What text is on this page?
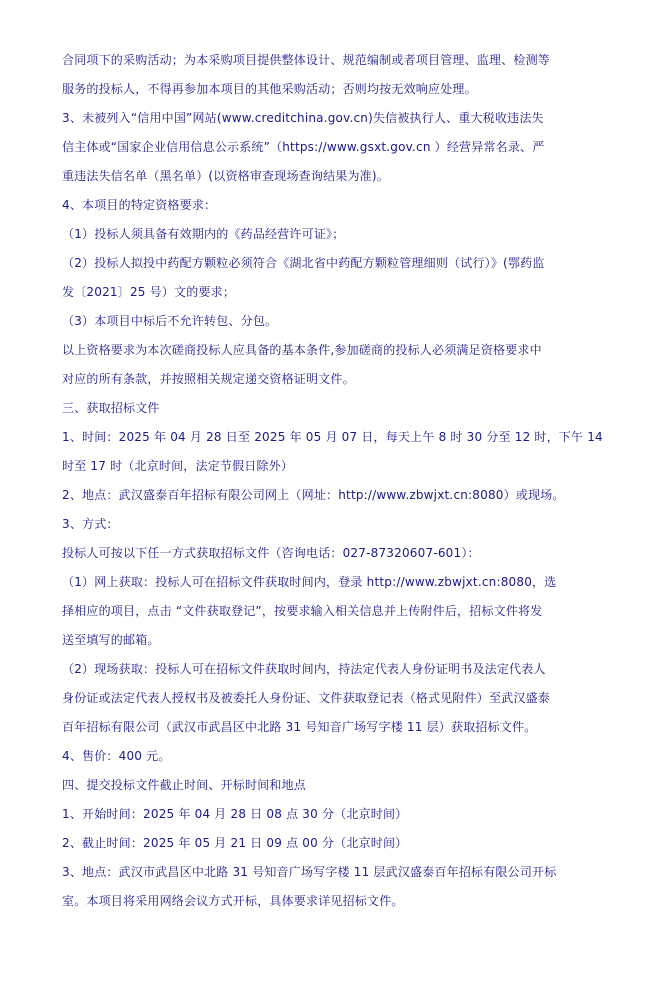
合同项下的采购活动；为本采购项目提供整体设计、规范编制或者项目管理、监理、检测等
服务的投标人，不得再参加本项目的其他采购活动；否则均按无效响应处理。
3、未被列入“信用中国”网站(www.creditchina.gov.cn)失信被执行人、重大税收违法失
信主体或“国家企业信用信息公示系统”（https://www.gsxt.gov.cn ）经营异常名录、严
重违法失信名单（黑名单）(以资格审查现场查询结果为准)。
4、本项目的特定资格要求：
（1）投标人须具备有效期内的《药品经营许可证》；
（2）投标人拟投中药配方颗粒必须符合《湖北省中药配方颗粒管理细则（试行）》(鄂药监
发〔2021〕25 号）文的要求；
（3）本项目中标后不允许转包、分包。
以上资格要求为本次磋商投标人应具备的基本条件,参加磋商的投标人必须满足资格要求中
对应的所有条款，并按照相关规定递交资格证明文件。
三、获取招标文件
1、时间：2025 年 04 月 28 日至 2025 年 05 月 07 日，每天上午 8 时 30 分至 12 时，下午 14
时至 17 时（北京时间，法定节假日除外）
2、地点：武汉盛泰百年招标有限公司网上（网址：http://www.zbwjxt.cn:8080）或现场。
3、方式：
投标人可按以下任一方式获取招标文件（咨询电话：027-87320607-601）：
（1）网上获取：投标人可在招标文件获取时间内，登录 http://www.zbwjxt.cn:8080，选
择相应的项目，点击 “文件获取登记”，按要求输入相关信息并上传附件后，招标文件将发
送至填写的邮箱。
（2）现场获取：投标人可在招标文件获取时间内，持法定代表人身份证明书及法定代表人
身份证或法定代表人授权书及被委托人身份证、文件获取登记表（格式见附件）至武汉盛泰
百年招标有限公司（武汉市武昌区中北路 31 号知音广场写字楼 11 层）获取招标文件。
4、售价：400 元。
四、提交投标文件截止时间、开标时间和地点
1、开始时间：2025 年 04 月 28 日 08 点 30 分（北京时间）
2、截止时间：2025 年 05 月 21 日 09 点 00 分（北京时间）
3、地点：武汉市武昌区中北路 31 号知音广场写字楼 11 层武汉盛泰百年招标有限公司开标
室。本项目将采用网络会议方式开标，具体要求详见招标文件。
